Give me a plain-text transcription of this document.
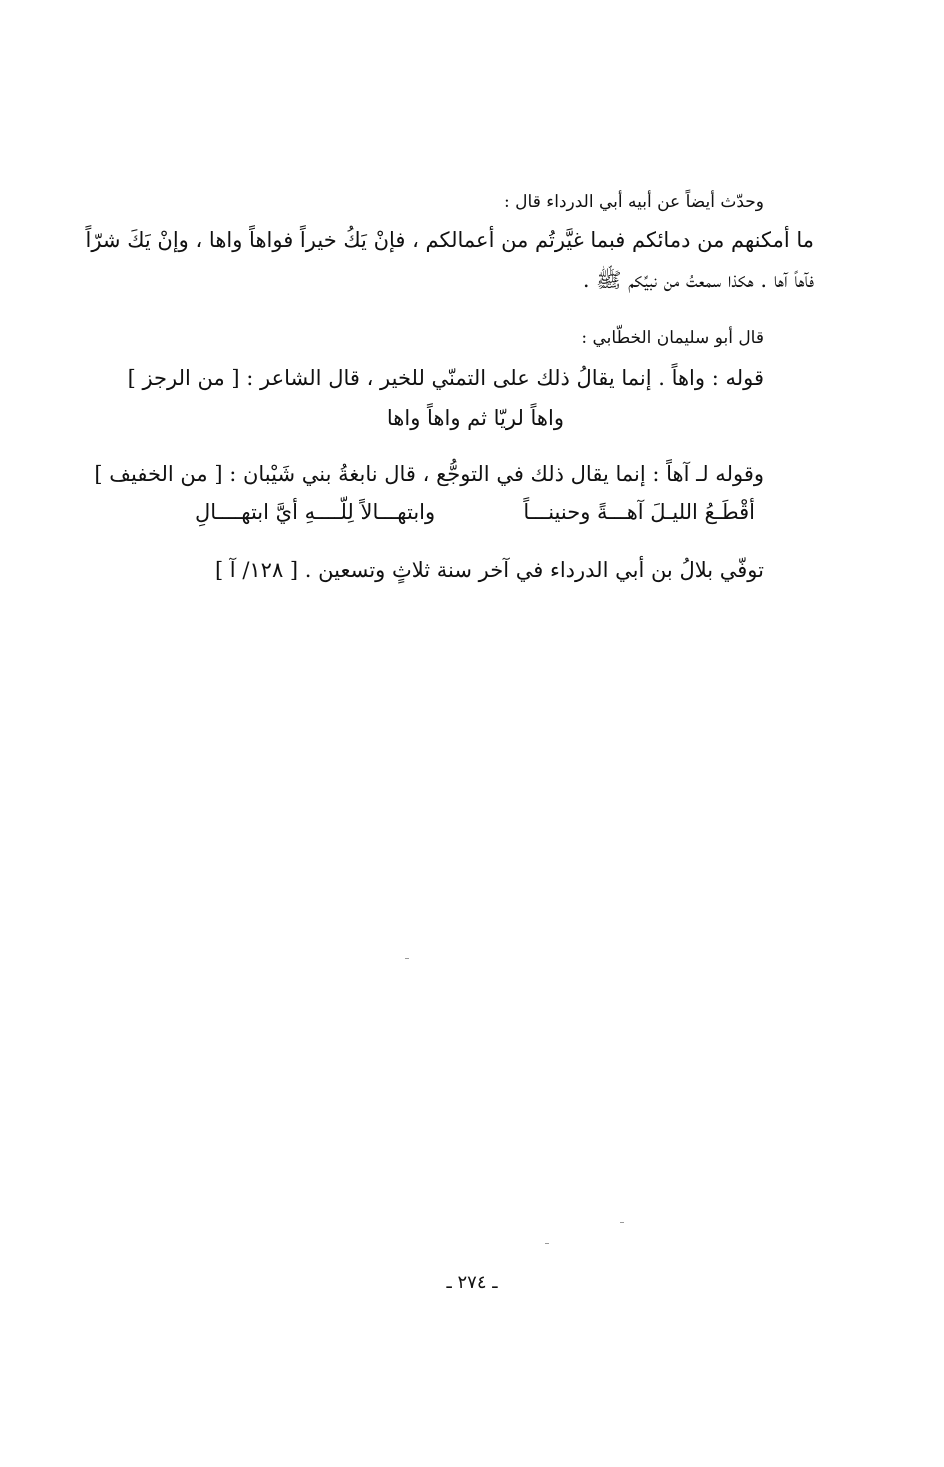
وحدّث أيضاً عن أبيه أبي الدرداء قال :
ما أمكنهم من دمائكم فبما غيَّرتُم من أعمالكم ، فإنْ يَكُ خيراً فواهاً واها ، وإنْ يَكَ شرّاً
فآهاً آها . هكذا سمعتُ من نبيِّكم ﷺ .
قال أبو سليمان الخطّابي :
قوله : واهاً . إنما يقالُ ذلك على التمنّي للخير ، قال الشاعر : [ من الرجز ]
واهاً لريّا ثم واهاً واها
وقوله لـ آهاً : إنما يقال ذلك في التوجُّع ، قال نابغةُ بني شَيْبان : [ من الخفيف ]
أقْطَـعُ الليـلَ آهـــةً وحنينـــاً
وابتهـــالاً لِلّــــهِ أيَّ ابتهــــالِ
توفّي بلالُ بن أبي الدرداء في آخر سنة ثلاثٍ وتسعين . [ ١٢٨/ آ ]
ـ ٢٧٤ ـ
